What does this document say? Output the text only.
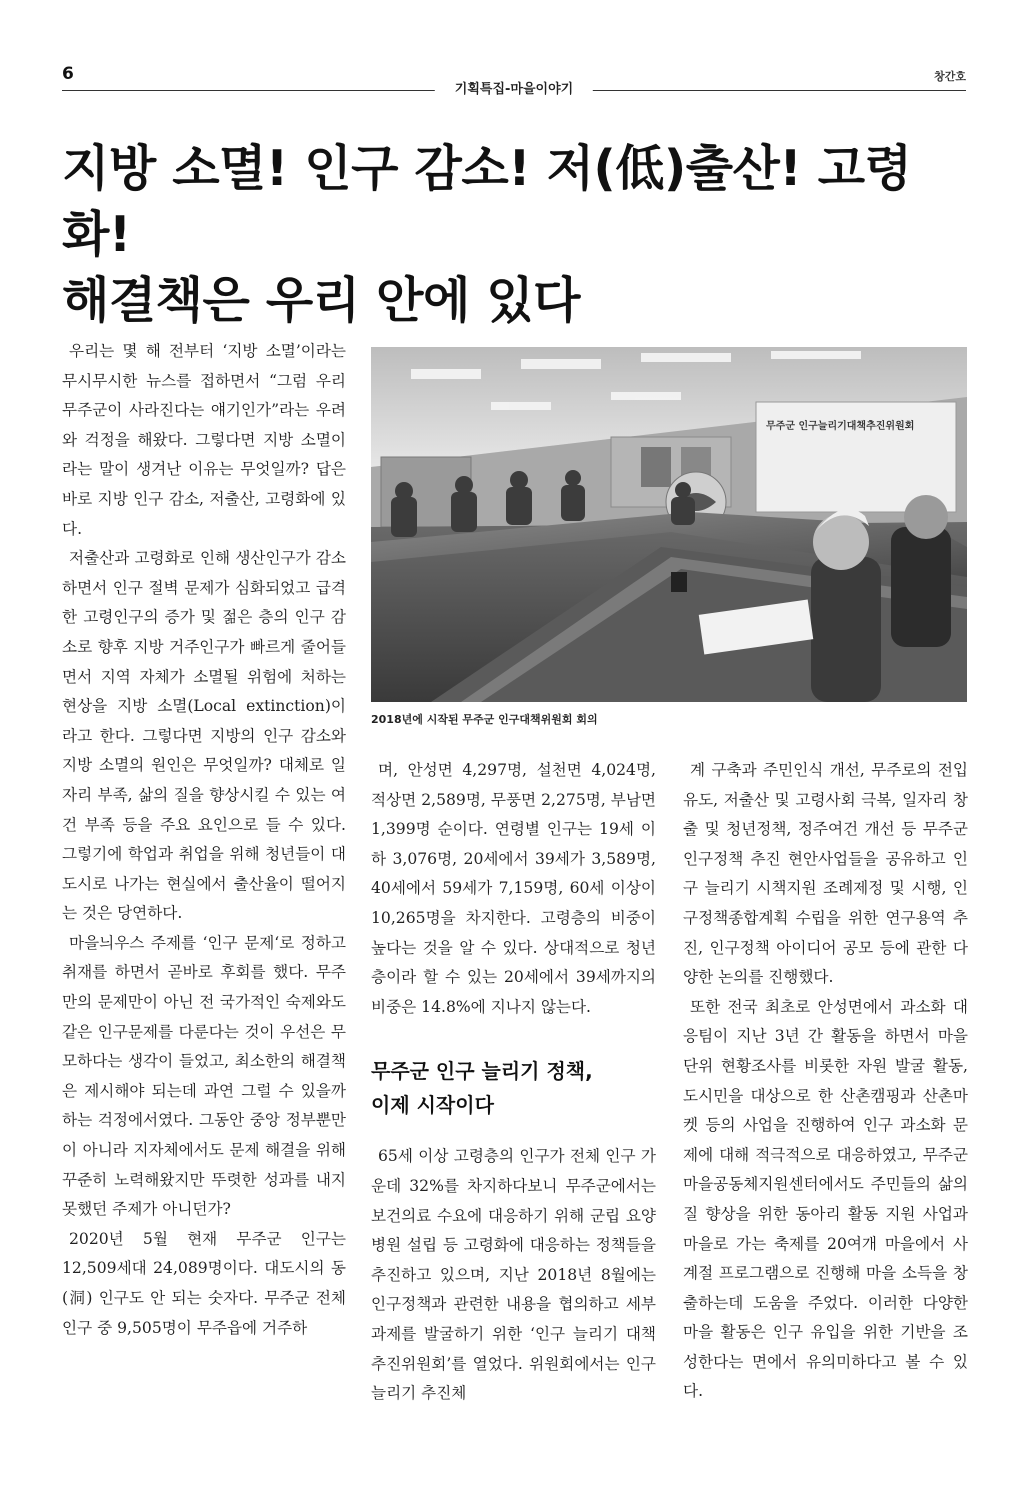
6
기획특집-마을이야기
창간호
지방 소멸! 인구 감소! 저(低)출산! 고령화!
해결책은 우리 안에 있다

우리는 몇 해 전부터 ‘지방 소멸’이라는 무시무시한 뉴스를 접하면서 “그럼 우리 무주군이 사라진다는 얘기인가”라는 우려와 걱정을 해왔다. 그렇다면 지방 소멸이라는 말이 생겨난 이유는 무엇일까? 답은 바로 지방 인구 감소, 저출산, 고령화에 있다.

저출산과 고령화로 인해 생산인구가 감소하면서 인구 절벽 문제가 심화되었고 급격한 고령인구의 증가 및 젊은 층의 인구 감소로 향후 지방 거주인구가 빠르게 줄어들면서 지역 자체가 소멸될 위험에 처하는 현상을 지방 소멸(Local extinction)이라고 한다. 그렇다면 지방의 인구 감소와 지방 소멸의 원인은 무엇일까? 대체로 일자리 부족, 삶의 질을 향상시킬 수 있는 여건 부족 등을 주요 요인으로 들 수 있다. 그렇기에 학업과 취업을 위해 청년들이 대도시로 나가는 현실에서 출산율이 떨어지는 것은 당연하다.

마을늬우스 주제를 ‘인구 문제‘로 정하고 취재를 하면서 곧바로 후회를 했다. 무주만의 문제만이 아닌 전 국가적인 숙제와도 같은 인구문제를 다룬다는 것이 우선은 무모하다는 생각이 들었고, 최소한의 해결책은 제시해야 되는데 과연 그럴 수 있을까 하는 걱정에서였다. 그동안 중앙 정부뿐만이 아니라 지자체에서도 문제 해결을 위해 꾸준히 노력해왔지만 뚜렷한 성과를 내지 못했던 주제가 아니던가?

2020년 5월 현재 무주군 인구는 12,509세대 24,089명이다. 대도시의 동(洞) 인구도 안 되는 숫자다. 무주군 전체 인구 중 9,505명이 무주읍에 거주하

무주군 인구늘리기대책추진위원회
2018년에 시작된 무주군 인구대책위원회 회의

며, 안성면 4,297명, 설천면 4,024명, 적상면 2,589명, 무풍면 2,275명, 부남면 1,399명 순이다. 연령별 인구는 19세 이하 3,076명, 20세에서 39세가 3,589명, 40세에서 59세가 7,159명, 60세 이상이 10,265명을 차지한다. 고령층의 비중이 높다는 것을 알 수 있다. 상대적으로 청년층이라 할 수 있는 20세에서 39세까지의 비중은 14.8%에 지나지 않는다.

무주군 인구 늘리기 정책,
이제 시작이다

65세 이상 고령층의 인구가 전체 인구 가운데 32%를 차지하다보니 무주군에서는 보건의료 수요에 대응하기 위해 군립 요양병원 설립 등 고령화에 대응하는 정책들을 추진하고 있으며, 지난 2018년 8월에는 인구정책과 관련한 내용을 협의하고 세부과제를 발굴하기 위한 ‘인구 늘리기 대책추진위원회’를 열었다. 위원회에서는 인구 늘리기 추진체

계 구축과 주민인식 개선, 무주로의 전입 유도, 저출산 및 고령사회 극복, 일자리 창출 및 청년정책, 정주여건 개선 등 무주군 인구정책 추진 현안사업들을 공유하고 인구 늘리기 시책지원 조례제정 및 시행, 인구정책종합계획 수립을 위한 연구용역 추진, 인구정책 아이디어 공모 등에 관한 다양한 논의를 진행했다.

또한 전국 최초로 안성면에서 과소화 대응팀이 지난 3년 간 활동을 하면서 마을 단위 현황조사를 비롯한 자원 발굴 활동, 도시민을 대상으로 한 산촌캠핑과 산촌마켓 등의 사업을 진행하여 인구 과소화 문제에 대해 적극적으로 대응하였고, 무주군 마을공동체지원센터에서도 주민들의 삶의 질 향상을 위한 동아리 활동 지원 사업과 마을로 가는 축제를 20여개 마을에서 사계절 프로그램으로 진행해 마을 소득을 창출하는데 도움을 주었다. 이러한 다양한 마을 활동은 인구 유입을 위한 기반을 조성한다는 면에서 유의미하다고 볼 수 있다.
